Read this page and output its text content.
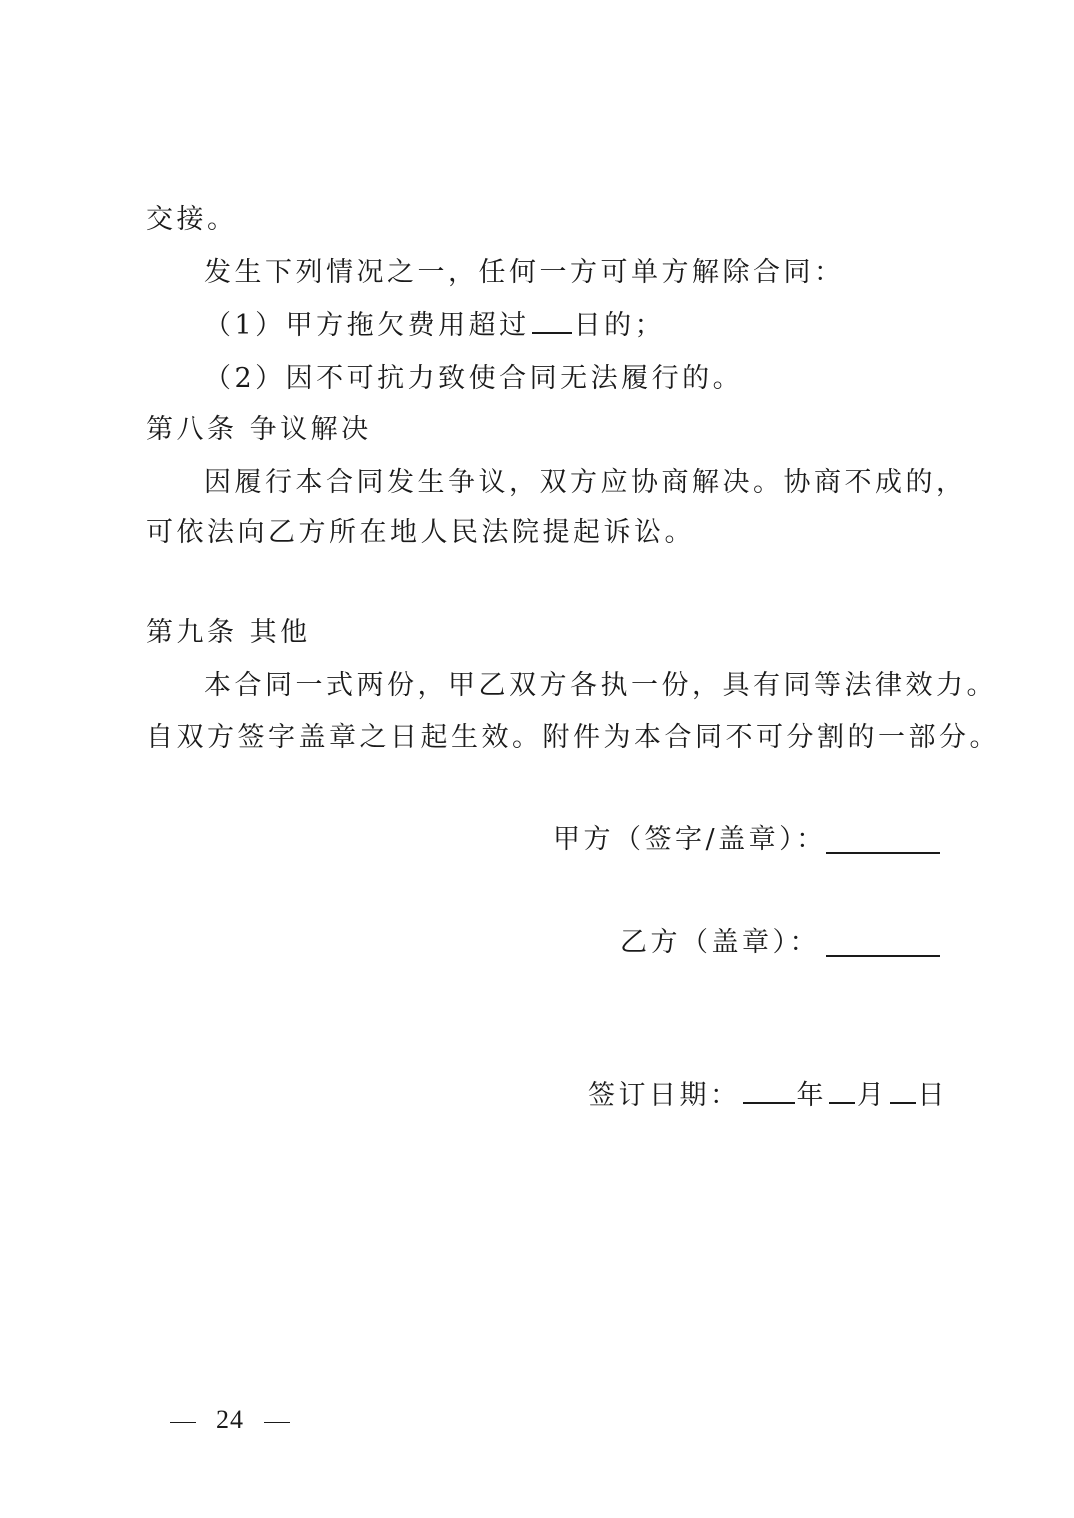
交接。
发生下列情况之一，任何一方可单方解除合同：
（1）甲方拖欠费用超过 日的；
（2）因不可抗力致使合同无法履行的。
第八条 争议解决
因履行本合同发生争议，双方应协商解决。协商不成的，
可依法向乙方所在地人民法院提起诉讼。
第九条 其他
本合同一式两份，甲乙双方各执一份，具有同等法律效力。
自双方签字盖章之日起生效。附件为本合同不可分割的一部分。
甲方（签字/盖章）：
乙方（盖章）：
签订日期： 年 月 日
24
